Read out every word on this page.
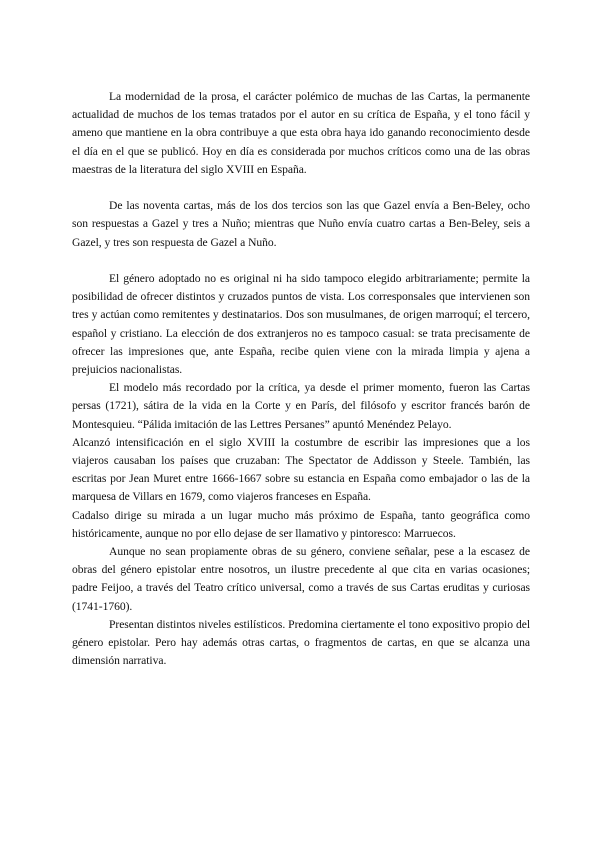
La modernidad de la prosa, el carácter polémico de muchas de las Cartas, la permanente actualidad de muchos de los temas tratados por el autor en su crítica de España, y el tono fácil y ameno que mantiene en la obra contribuye a que esta obra haya ido ganando reconocimiento desde el día en el que se publicó. Hoy en día es considerada por muchos críticos como una de las obras maestras de la literatura del siglo XVIII en España.

De las noventa cartas, más de los dos tercios son las que Gazel envía a Ben-Beley, ocho son respuestas a Gazel y tres a Nuño; mientras que Nuño envía cuatro cartas a Ben-Beley, seis a Gazel, y tres son respuesta de Gazel a Nuño.

El género adoptado no es original ni ha sido tampoco elegido arbitrariamente; permite la posibilidad de ofrecer distintos y cruzados puntos de vista. Los corresponsales que intervienen son tres y actúan como remitentes y destinatarios. Dos son musulmanes, de origen marroquí; el tercero, español y cristiano. La elección de dos extranjeros no es tampoco casual: se trata precisamente de ofrecer las impresiones que, ante España, recibe quien viene con la mirada limpia y ajena a prejuicios nacionalistas.

El modelo más recordado por la crítica, ya desde el primer momento, fueron las Cartas persas (1721), sátira de la vida en la Corte y en París, del filósofo y escritor francés barón de Montesquieu. “Pálida imitación de las Lettres Persanes” apuntó Menéndez Pelayo.

Alcanzó intensificación en el siglo XVIII la costumbre de escribir las impresiones que a los viajeros causaban los países que cruzaban: The Spectator de Addisson y Steele. También, las escritas por Jean Muret entre 1666-1667 sobre su estancia en España como embajador o las de la marquesa de Villars en 1679, como viajeros franceses en España.

Cadalso dirige su mirada a un lugar mucho más próximo de España, tanto geográfica como históricamente, aunque no por ello dejase de ser llamativo y pintoresco: Marruecos.

Aunque no sean propiamente obras de su género, conviene señalar, pese a la escasez de obras del género epistolar entre nosotros, un ilustre precedente al que cita en varias ocasiones; padre Feijoo, a través del Teatro crítico universal, como a través de sus Cartas eruditas y curiosas (1741-1760).

Presentan distintos niveles estilísticos. Predomina ciertamente el tono expositivo propio del género epistolar. Pero hay además otras cartas, o fragmentos de cartas, en que se alcanza una dimensión narrativa.
